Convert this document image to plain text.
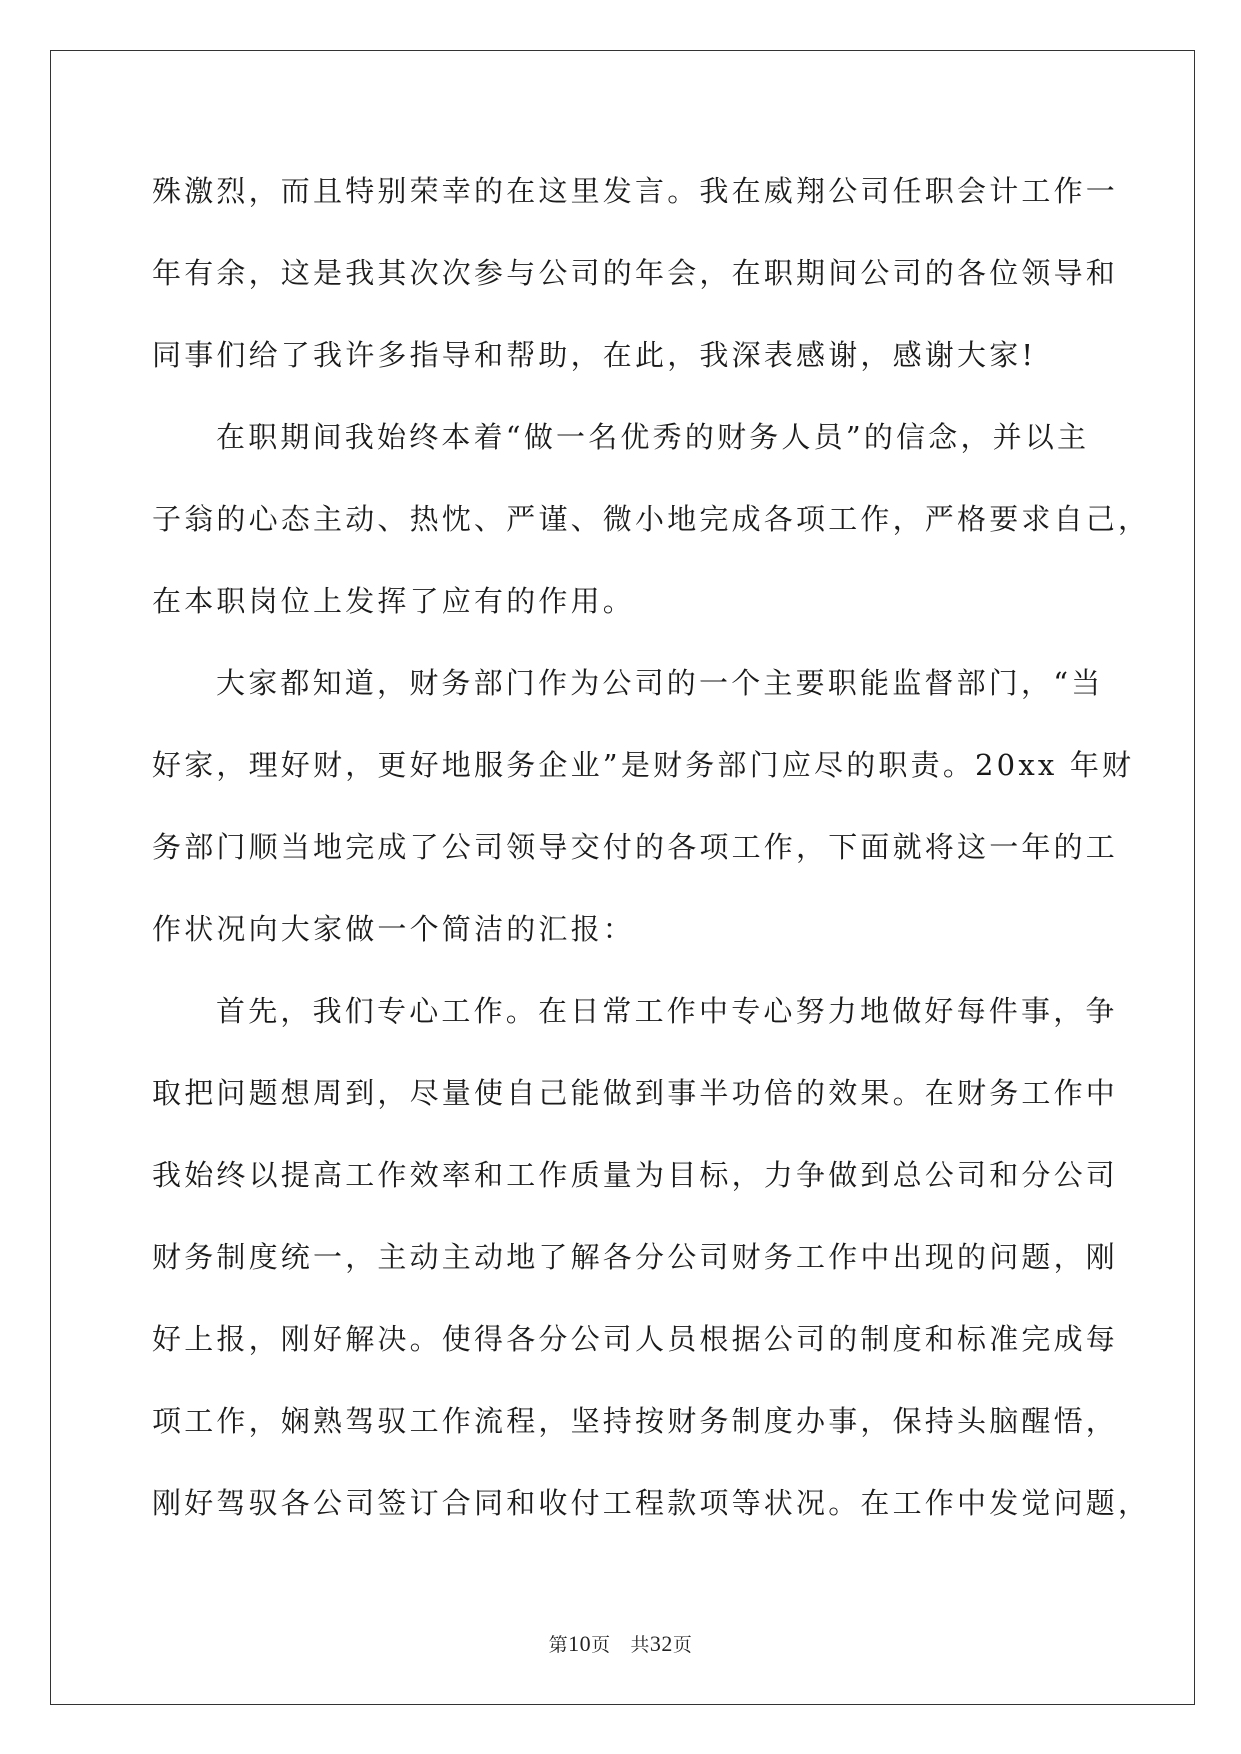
殊激烈，而且特别荣幸的在这里发言。我在威翔公司任职会计工作一
年有余，这是我其次次参与公司的年会，在职期间公司的各位领导和
同事们给了我许多指导和帮助，在此，我深表感谢，感谢大家!
在职期间我始终本着“做一名优秀的财务人员”的信念，并以主
子翁的心态主动、热忱、严谨、微小地完成各项工作，严格要求自己，
在本职岗位上发挥了应有的作用。
大家都知道，财务部门作为公司的一个主要职能监督部门，“当
好家，理好财，更好地服务企业”是财务部门应尽的职责。20xx 年财
务部门顺当地完成了公司领导交付的各项工作，下面就将这一年的工
作状况向大家做一个简洁的汇报：
首先，我们专心工作。在日常工作中专心努力地做好每件事，争
取把问题想周到，尽量使自己能做到事半功倍的效果。在财务工作中
我始终以提高工作效率和工作质量为目标，力争做到总公司和分公司
财务制度统一，主动主动地了解各分公司财务工作中出现的问题，刚
好上报，刚好解决。使得各分公司人员根据公司的制度和标准完成每
项工作，娴熟驾驭工作流程，坚持按财务制度办事，保持头脑醒悟，
刚好驾驭各公司签订合同和收付工程款项等状况。在工作中发觉问题，
第10页 共32页
